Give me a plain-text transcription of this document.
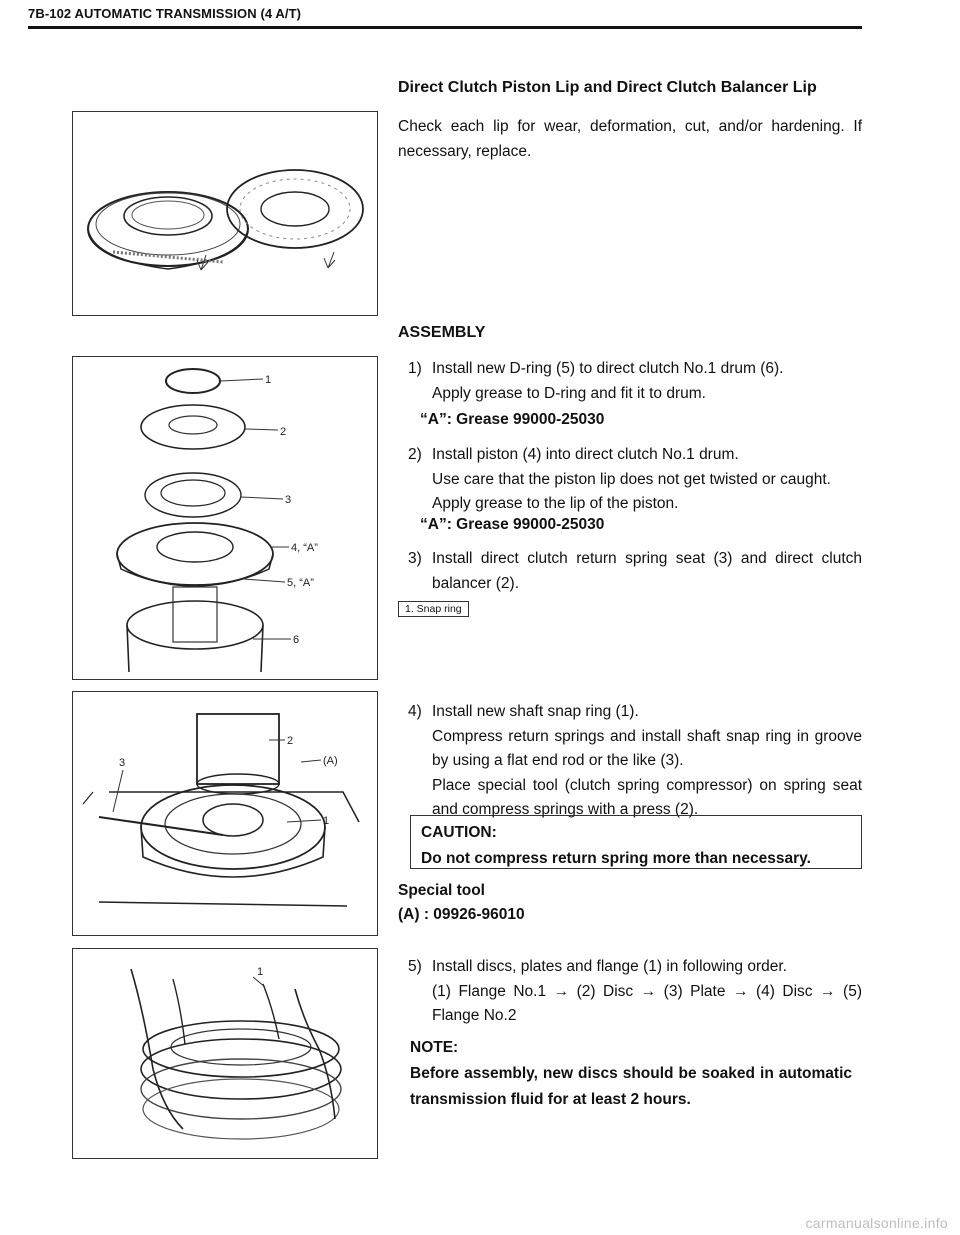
7B-102 AUTOMATIC TRANSMISSION (4 A/T)
Direct Clutch Piston Lip and Direct Clutch Balancer Lip
Check each lip for wear, deformation, cut, and/or hardening. If necessary, replace.
ASSEMBLY
1
2
3
4, “A”
5, “A”
6
1) Install new D-ring (5) to direct clutch No.1 drum (6).
Apply grease to D-ring and fit it to drum.
“A”: Grease 99000-25030
2) Install piston (4) into direct clutch No.1 drum.
Use care that the piston lip does not get twisted or caught.
Apply grease to the lip of the piston.
“A”: Grease 99000-25030
3) Install direct clutch return spring seat (3) and direct clutch balancer (2).
1. Snap ring
2
(A)
3
1
4) Install new shaft snap ring (1).
Compress return springs and install shaft snap ring in groove by using a flat end rod or the like (3).
Place special tool (clutch spring compressor) on spring seat and compress springs with a press (2).
CAUTION:
Do not compress return spring more than necessary.
Special tool
(A) : 09926-96010
1	5) Install discs, plates and flange (1) in following order.
(1) Flange No.1 → (2) Disc → (3) Plate → (4) Disc → (5) Flange No.2
NOTE:
Before assembly, new discs should be soaked in automatic transmission fluid for at least 2 hours.
carmanualsonline.info
